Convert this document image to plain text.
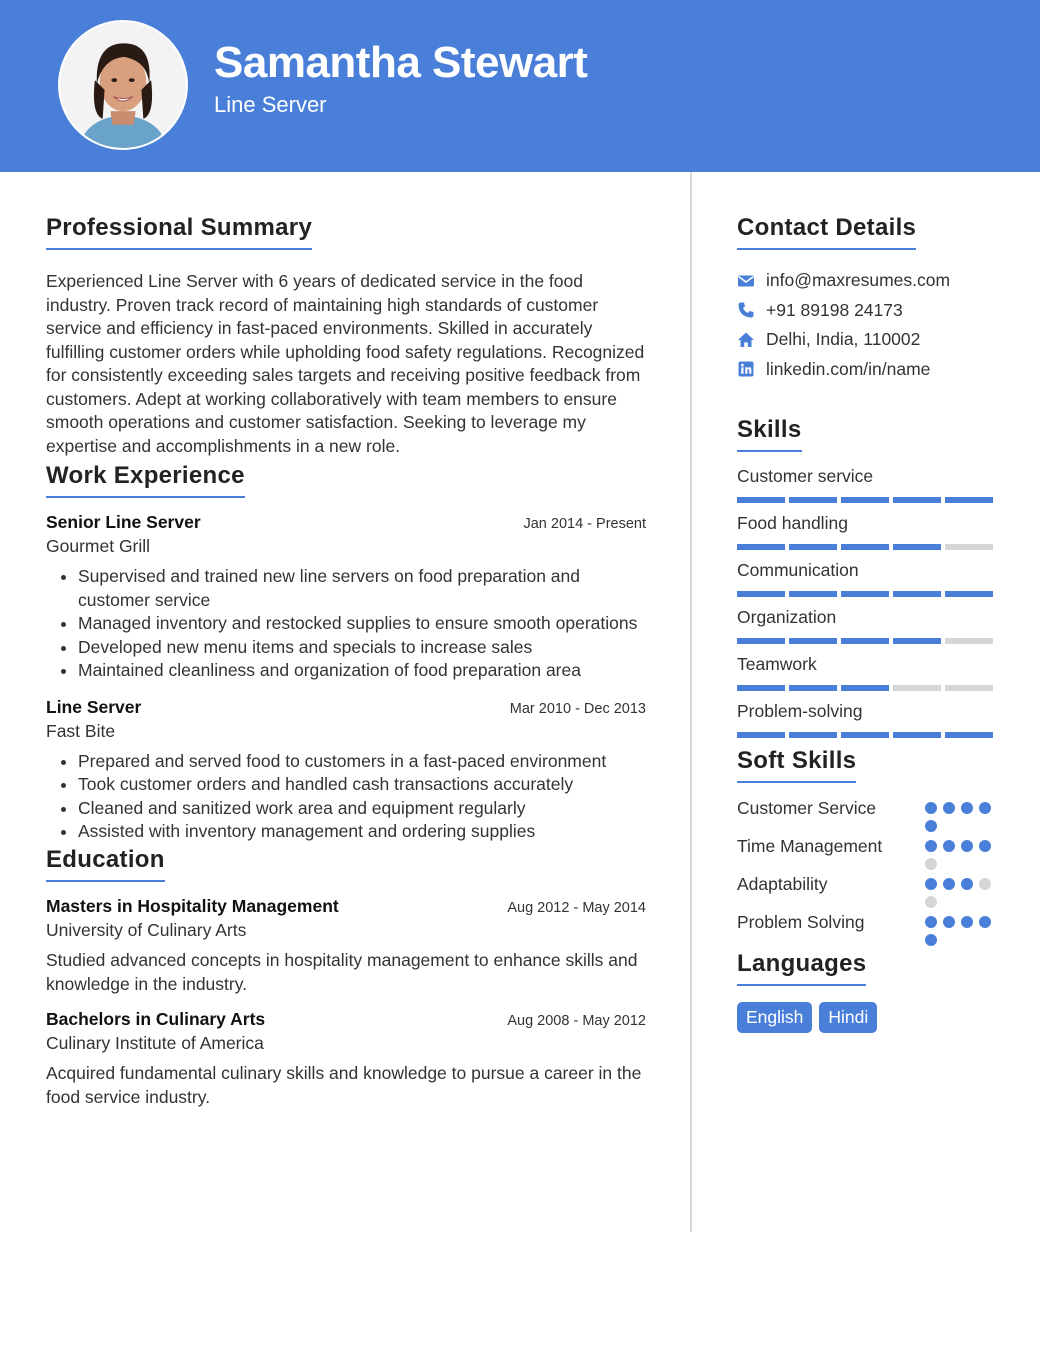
Samantha Stewart
Line Server
Professional Summary
Experienced Line Server with 6 years of dedicated service in the food industry. Proven track record of maintaining high standards of customer service and efficiency in fast-paced environments. Skilled in accurately fulfilling customer orders while upholding food safety regulations. Recognized for consistently exceeding sales targets and receiving positive feedback from customers. Adept at working collaboratively with team members to ensure smooth operations and customer satisfaction. Seeking to leverage my expertise and accomplishments in a new role.
Work Experience
Senior Line Server	Jan 2014 - Present
Gourmet Grill
• Supervised and trained new line servers on food preparation and customer service
• Managed inventory and restocked supplies to ensure smooth operations
• Developed new menu items and specials to increase sales
• Maintained cleanliness and organization of food preparation area
Line Server	Mar 2010 - Dec 2013
Fast Bite
• Prepared and served food to customers in a fast-paced environment
• Took customer orders and handled cash transactions accurately
• Cleaned and sanitized work area and equipment regularly
• Assisted with inventory management and ordering supplies
Education
Masters in Hospitality Management	Aug 2012 - May 2014
University of Culinary Arts
Studied advanced concepts in hospitality management to enhance skills and knowledge in the industry.
Bachelors in Culinary Arts	Aug 2008 - May 2012
Culinary Institute of America
Acquired fundamental culinary skills and knowledge to pursue a career in the food service industry.
Contact Details
info@maxresumes.com
+91 89198 24173
Delhi, India, 110002
linkedin.com/in/name
Skills
Customer service
Food handling
Communication
Organization
Teamwork
Problem-solving
Soft Skills
Customer Service
Time Management
Adaptability
Problem Solving
Languages
English	Hindi
